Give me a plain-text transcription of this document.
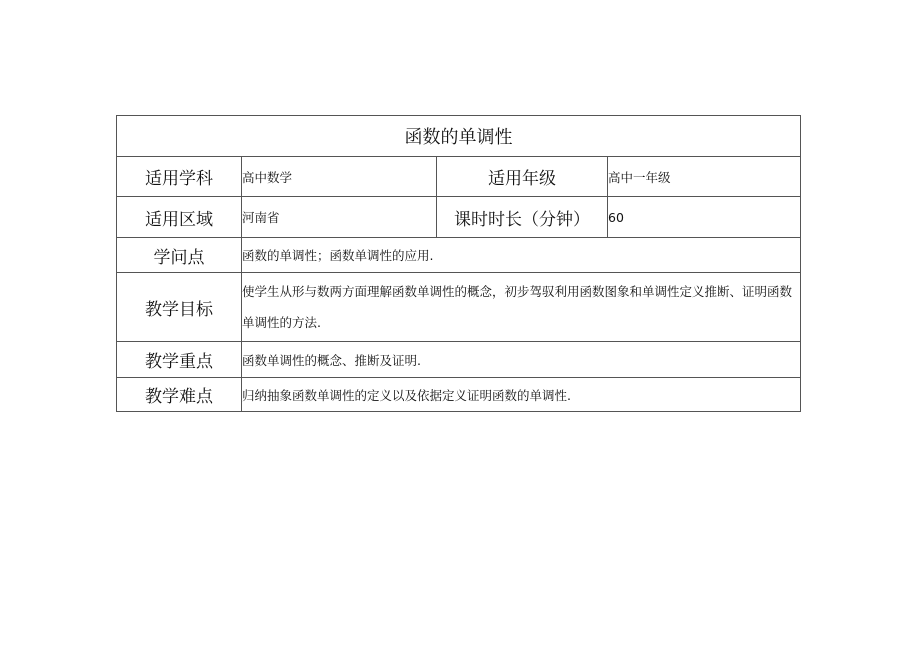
函数的单调性			
适用学科	高中数学	适用年级	高中一年级
适用区域	河南省	课时时长（分钟）	60
学问点	函数的单调性；函数单调性的应用.		
教学目标	使学生从形与数两方面理解函数单调性的概念，初步驾驭利用函数图象和单调性定义推断、证明函数单调性的方法.		
教学重点	函数单调性的概念、推断及证明.		
教学难点	归纳抽象函数单调性的定义以及依据定义证明函数的单调性.		
